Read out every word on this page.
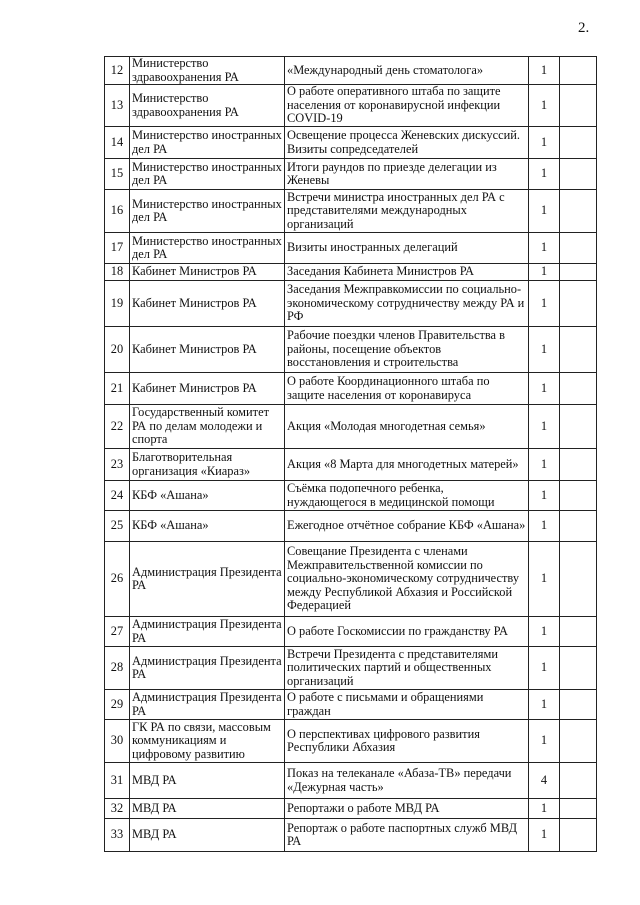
2.
12	Министерство здравоохранения РА	«Международный день стоматолога»	1	
13	Министерство здравоохранения РА	О работе оперативного штаба по защите населения от коронавирусной инфекции COVID-19	1	
14	Министерство иностранных дел РА	Освещение процесса Женевских дискуссий. Визиты сопредседателей	1	
15	Министерство иностранных дел РА	Итоги раундов по приезде делегации из Женевы	1	
16	Министерство иностранных дел РА	Встречи министра иностранных дел РА с представителями международных организаций	1	
17	Министерство иностранных дел РА	Визиты иностранных делегаций	1	
18	Кабинет Министров РА	Заседания Кабинета Министров РА	1	
19	Кабинет Министров РА	Заседания Межправкомиссии по социально-экономическому сотрудничеству между РА и РФ	1	
20	Кабинет Министров РА	Рабочие поездки членов Правительства в районы, посещение объектов восстановления и строительства	1	
21	Кабинет Министров РА	О работе Координационного штаба по защите населения от коронавируса	1	
22	Государственный комитет РА по делам молодежи и спорта	Акция «Молодая многодетная семья»	1	
23	Благотворительная организация «Киараз»	Акция «8 Марта для многодетных матерей»	1	
24	КБФ «Ашана»	Съёмка подопечного ребенка, нуждающегося в медицинской помощи	1	
25	КБФ «Ашана»	Ежегодное отчётное собрание КБФ «Ашана»	1	
26	Администрация Президента РА	Совещание Президента с членами Межправительственной комиссии по социально-экономическому сотрудничеству между Республикой Абхазия и Российской Федерацией	1	
27	Администрация Президента РА	О работе Госкомиссии по гражданству РА	1	
28	Администрация Президента РА	Встречи Президента с представителями политических партий и общественных организаций	1	
29	Администрация Президента РА	О работе с письмами и обращениями граждан	1	
30	ГК РА по связи, массовым коммуникациям и цифровому развитию	О перспективах цифрового развития Республики Абхазия	1	
31	МВД РА	Показ на телеканале «Абаза-ТВ» передачи «Дежурная часть»	4	
32	МВД РА	Репортажи о работе МВД РА	1	
33	МВД РА	Репортаж о работе паспортных служб МВД РА	1	
